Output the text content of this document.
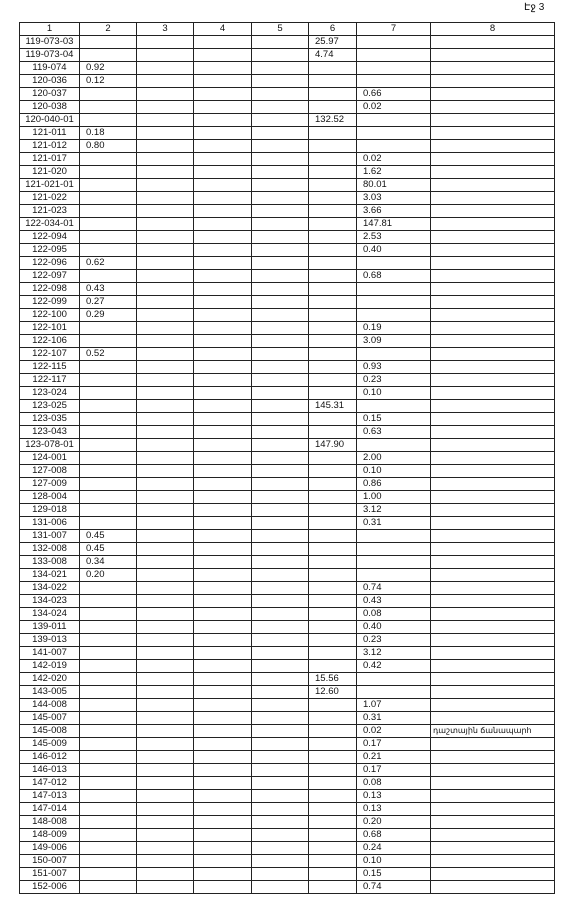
Էջ 3
1	2	3	4	5	6	7	8
119-073-03					25.97		
119-073-04					4.74		
119-074	0.92						
120-036	0.12						
120-037						0.66	
120-038						0.02	
120-040-01					132.52		
121-011	0.18						
121-012	0.80						
121-017						0.02	
121-020						1.62	
121-021-01						80.01	
121-022						3.03	
121-023						3.66	
122-034-01						147.81	
122-094						2.53	
122-095						0.40	
122-096	0.62						
122-097						0.68	
122-098	0.43						
122-099	0.27						
122-100	0.29						
122-101						0.19	
122-106						3.09	
122-107	0.52						
122-115						0.93	
122-117						0.23	
123-024						0.10	
123-025					145.31		
123-035						0.15	
123-043						0.63	
123-078-01					147.90		
124-001						2.00	
127-008						0.10	
127-009						0.86	
128-004						1.00	
129-018						3.12	
131-006						0.31	
131-007	0.45						
132-008	0.45						
133-008	0.34						
134-021	0.20						
134-022						0.74	
134-023						0.43	
134-024						0.08	
139-011						0.40	
139-013						0.23	
141-007						3.12	
142-019						0.42	
142-020					15.56		
143-005					12.60		
144-008						1.07	
145-007						0.31	
145-008						0.02	դաշտային ճանապարհ
145-009						0.17	
146-012						0.21	
146-013						0.17	
147-012						0.08	
147-013						0.13	
147-014						0.13	
148-008						0.20	
148-009						0.68	
149-006						0.24	
150-007						0.10	
151-007						0.15	
152-006						0.74	
